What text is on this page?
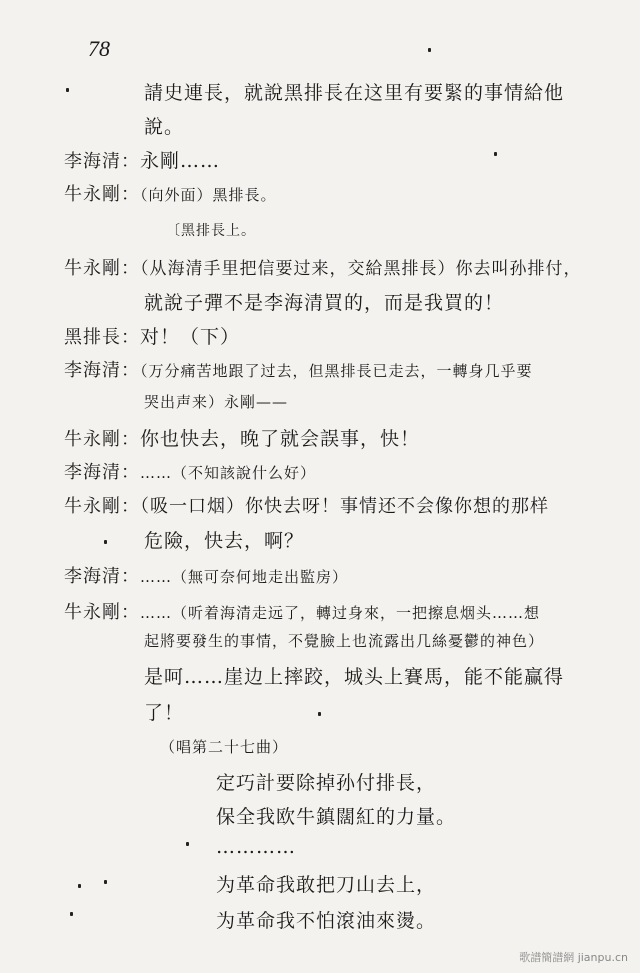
78
請史連長，就說黑排長在这里有要緊的事情給他
說。
李海清：永剛……
牛永剛：（向外面）黑排長。
〔黑排長上。
牛永剛：（从海清手里把信要过来，交給黑排長）你去叫孙排付，
就說子彈不是李海清買的，而是我買的！
黑排長：对！（下）
李海清：（万分痛苦地跟了过去，但黑排長已走去，一轉身几乎要
哭出声来）永剛——
牛永剛：你也快去，晚了就会誤事，快！
李海清：……（不知該說什么好）
牛永剛：（吸一口烟）你快去呀！事情还不会像你想的那样
危險，快去，啊？
李海清：……（無可奈何地走出監房）
牛永剛：……（听着海清走远了，轉过身來，一把擦息烟头……想
起將要發生的事情，不覺臉上也流露出几絲憂鬱的神色）
是呵……崖边上摔跤，城头上賽馬，能不能赢得
了！
（唱第二十七曲）
定巧計要除掉孙付排長，
保全我欧牛鎮闊紅的力量。
…………
为革命我敢把刀山去上，
为革命我不怕滾油來燙。
歌譜簡譜網 jianpu.cn
